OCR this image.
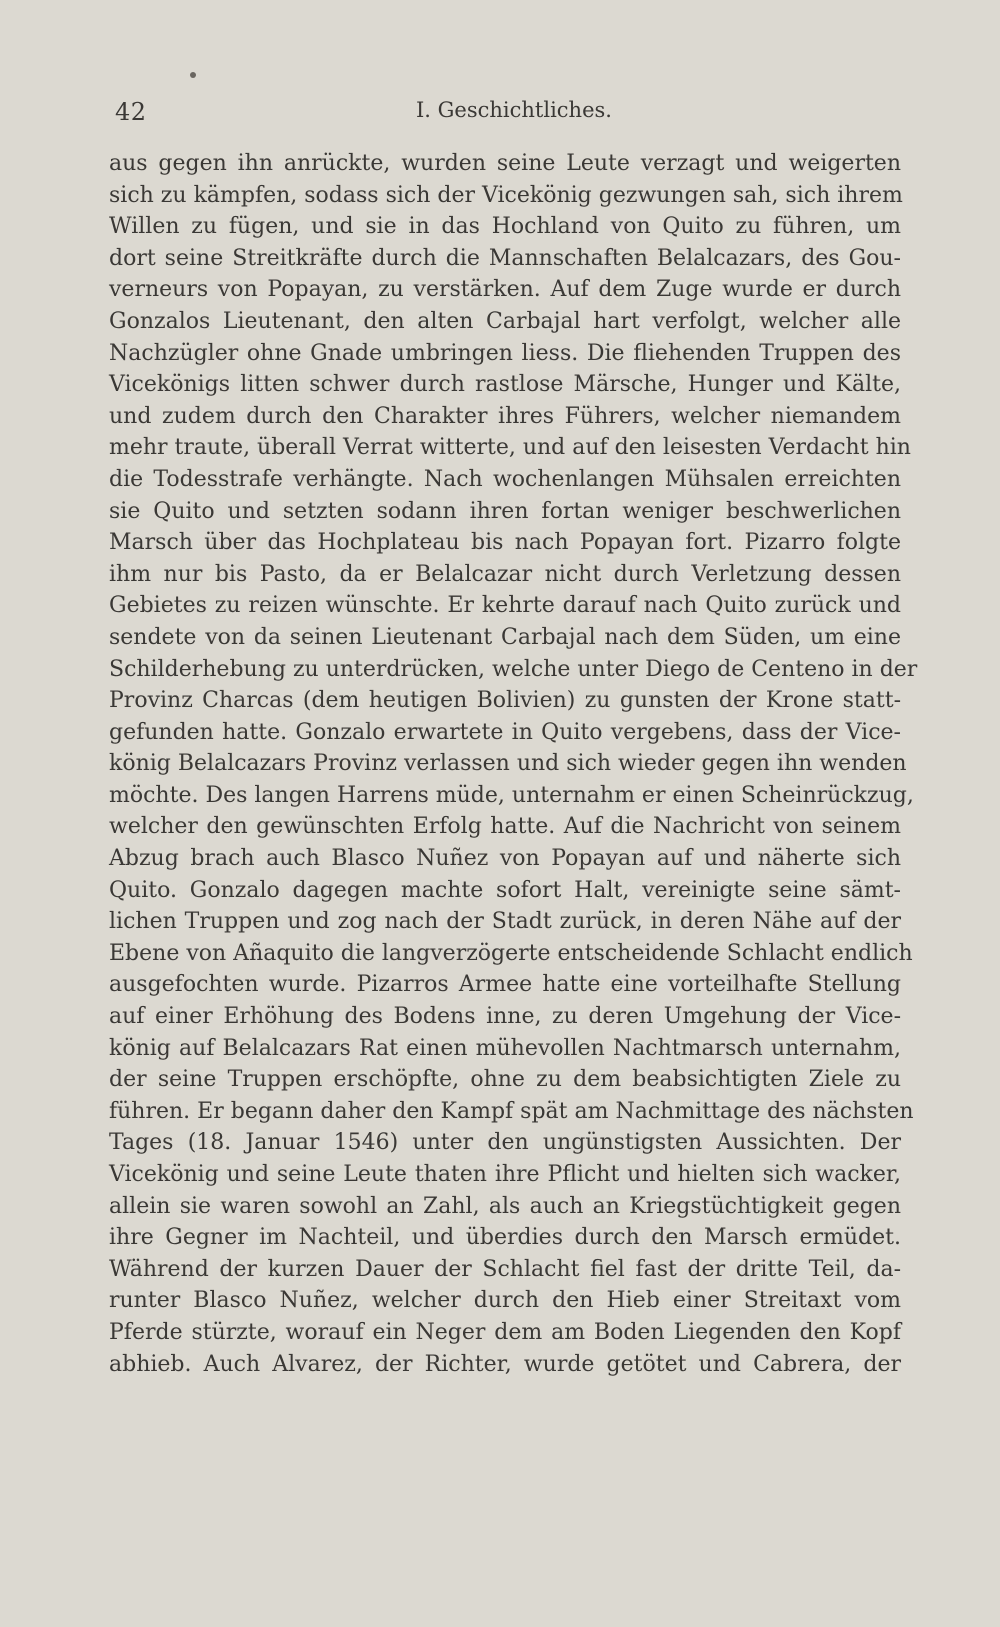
42	I. Geschichtliches.
aus gegen ihn anrückte, wurden seine Leute verzagt und weigerten
sich zu kämpfen, sodass sich der Vicekönig gezwungen sah, sich ihrem
Willen zu fügen, und sie in das Hochland von Quito zu führen, um
dort seine Streitkräfte durch die Mannschaften Belalcazars, des Gou-
verneurs von Popayan, zu verstärken. Auf dem Zuge wurde er durch
Gonzalos Lieutenant, den alten Carbajal hart verfolgt, welcher alle
Nachzügler ohne Gnade umbringen liess. Die fliehenden Truppen des
Vicekönigs litten schwer durch rastlose Märsche, Hunger und Kälte,
und zudem durch den Charakter ihres Führers, welcher niemandem
mehr traute, überall Verrat witterte, und auf den leisesten Verdacht hin
die Todesstrafe verhängte. Nach wochenlangen Mühsalen erreichten
sie Quito und setzten sodann ihren fortan weniger beschwerlichen
Marsch über das Hochplateau bis nach Popayan fort. Pizarro folgte
ihm nur bis Pasto, da er Belalcazar nicht durch Verletzung dessen
Gebietes zu reizen wünschte. Er kehrte darauf nach Quito zurück und
sendete von da seinen Lieutenant Carbajal nach dem Süden, um eine
Schilderhebung zu unterdrücken, welche unter Diego de Centeno in der
Provinz Charcas (dem heutigen Bolivien) zu gunsten der Krone statt-
gefunden hatte. Gonzalo erwartete in Quito vergebens, dass der Vice-
könig Belalcazars Provinz verlassen und sich wieder gegen ihn wenden
möchte. Des langen Harrens müde, unternahm er einen Scheinrückzug,
welcher den gewünschten Erfolg hatte. Auf die Nachricht von seinem
Abzug brach auch Blasco Nuñez von Popayan auf und näherte sich
Quito. Gonzalo dagegen machte sofort Halt, vereinigte seine sämt-
lichen Truppen und zog nach der Stadt zurück, in deren Nähe auf der
Ebene von Añaquito die langverzögerte entscheidende Schlacht endlich
ausgefochten wurde. Pizarros Armee hatte eine vorteilhafte Stellung
auf einer Erhöhung des Bodens inne, zu deren Umgehung der Vice-
könig auf Belalcazars Rat einen mühevollen Nachtmarsch unternahm,
der seine Truppen erschöpfte, ohne zu dem beabsichtigten Ziele zu
führen. Er begann daher den Kampf spät am Nachmittage des nächsten
Tages (18. Januar 1546) unter den ungünstigsten Aussichten. Der
Vicekönig und seine Leute thaten ihre Pflicht und hielten sich wacker,
allein sie waren sowohl an Zahl, als auch an Kriegstüchtigkeit gegen
ihre Gegner im Nachteil, und überdies durch den Marsch ermüdet.
Während der kurzen Dauer der Schlacht fiel fast der dritte Teil, da-
runter Blasco Nuñez, welcher durch den Hieb einer Streitaxt vom
Pferde stürzte, worauf ein Neger dem am Boden Liegenden den Kopf
abhieb. Auch Alvarez, der Richter, wurde getötet und Cabrera, der
